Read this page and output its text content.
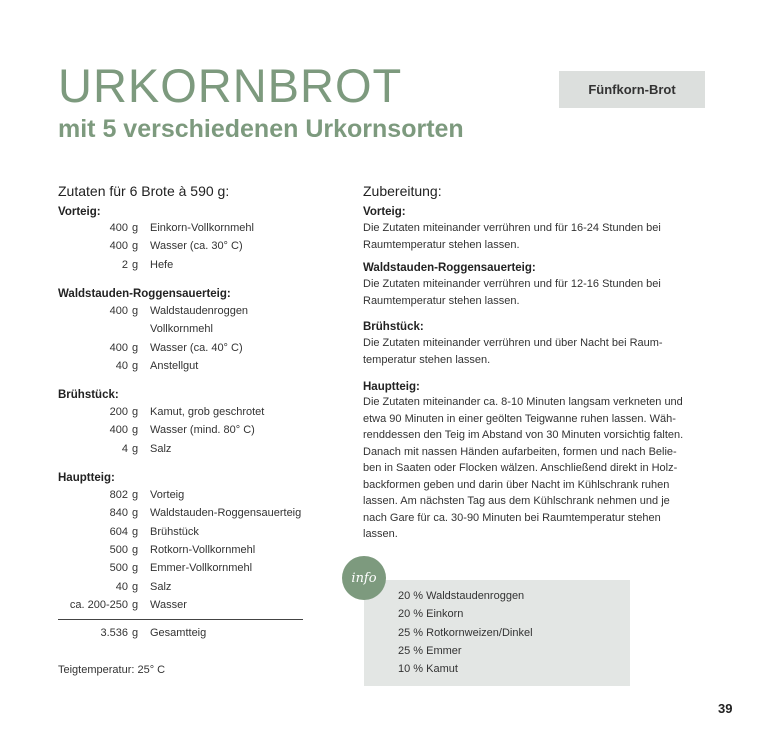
URKORNBROT
mit 5 verschiedenen Urkornsorten
Fünfkorn-Brot
Zutaten für 6 Brote à 590 g:
Vorteig:
400 g	Einkorn-Vollkornmehl
400 g	Wasser (ca. 30° C)
2 g	Hefe
Waldstauden-Roggensauerteig:
400 g	Waldstaudenroggen
Vollkornmehl
400 g	Wasser (ca. 40° C)
40 g	Anstellgut
Brühstück:
200 g	Kamut, grob geschrotet
400 g	Wasser (mind. 80° C)
4 g	Salz
Hauptteig:
802 g	Vorteig
840 g	Waldstauden-Roggensauerteig
604 g	Brühstück
500 g	Rotkorn-Vollkornmehl
500 g	Emmer-Vollkornmehl
40 g	Salz
ca. 200-250 g	Wasser
3.536 g	Gesamtteig
Teigtemperatur: 25° C
Zubereitung:
Vorteig:
Die Zutaten miteinander verrühren und für 16-24 Stunden bei
Raumtemperatur stehen lassen.
Waldstauden-Roggensauerteig:
Die Zutaten miteinander verrühren und für 12-16 Stunden bei
Raumtemperatur stehen lassen.
Brühstück:
Die Zutaten miteinander verrühren und über Nacht bei Raum-
temperatur stehen lassen.
Hauptteig:
Die Zutaten miteinander ca. 8-10 Minuten langsam verkneten und
etwa 90 Minuten in einer geölten Teigwanne ruhen lassen. Wäh-
renddessen den Teig im Abstand von 30 Minuten vorsichtig falten.
Danach mit nassen Händen aufarbeiten, formen und nach Belie-
ben in Saaten oder Flocken wälzen. Anschließend direkt in Holz-
backformen geben und darin über Nacht im Kühlschrank ruhen
lassen. Am nächsten Tag aus dem Kühlschrank nehmen und je
nach Gare für ca. 30-90 Minuten bei Raumtemperatur stehen
lassen.
info
20 % Waldstaudenroggen
20 % Einkorn
25 % Rotkornweizen/Dinkel
25 % Emmer
10 % Kamut
39
